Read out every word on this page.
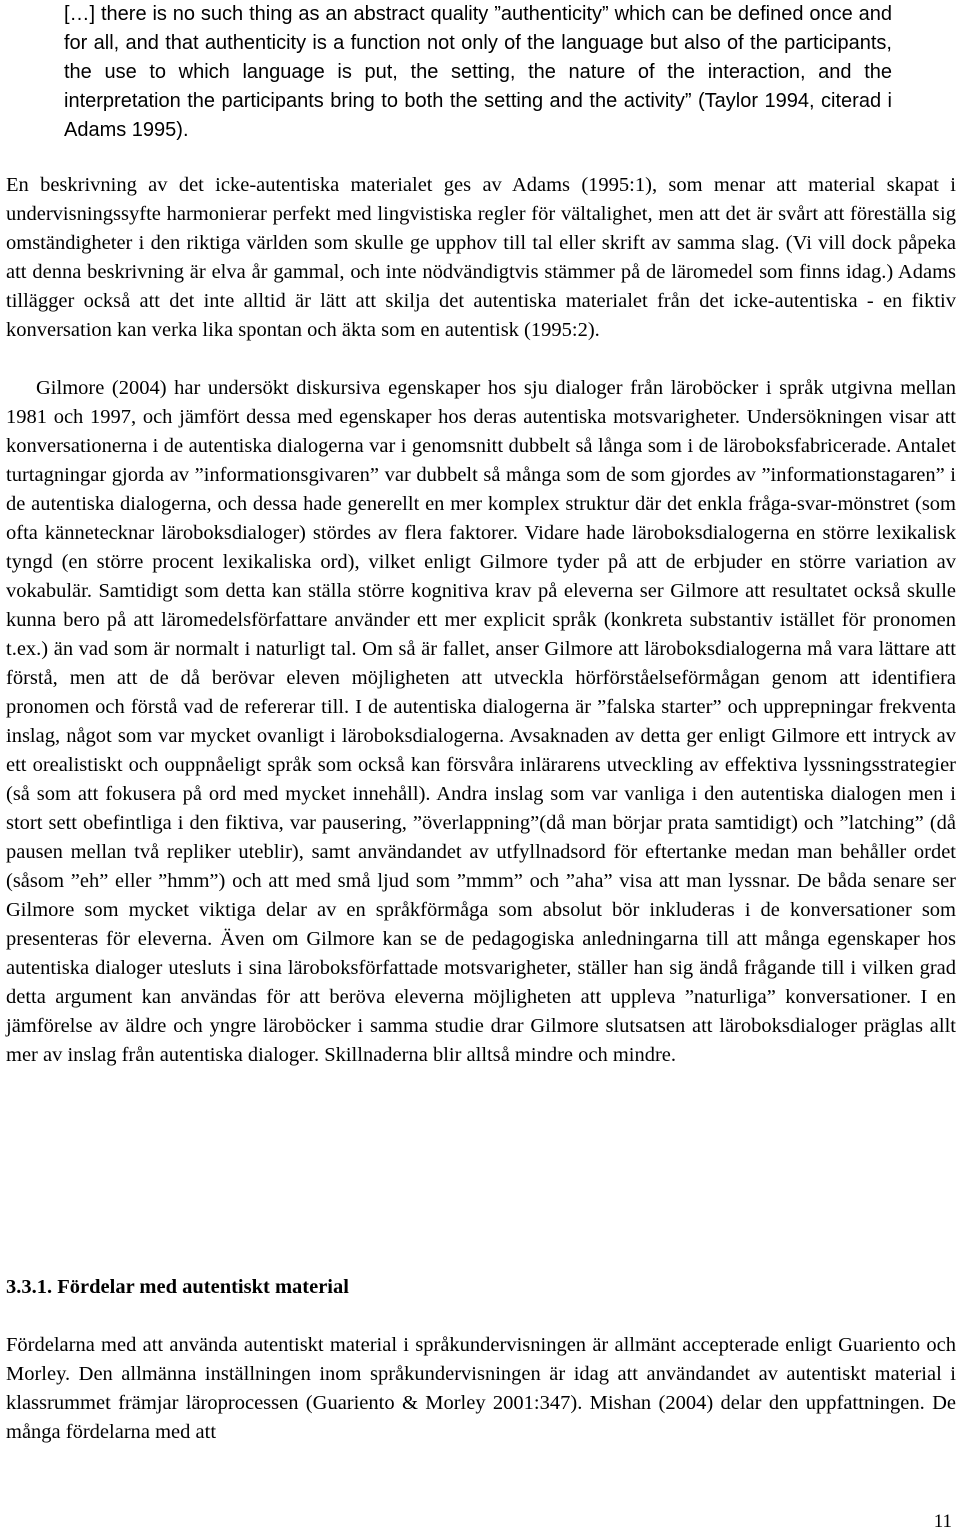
[…] there is no such thing as an abstract quality ”authenticity” which can be defined once and for all, and that authenticity is a function not only of the language but also of the participants, the use to which language is put, the setting, the nature of the interaction, and the interpretation the participants bring to both the setting and the activity” (Taylor 1994, citerad i Adams 1995).

En beskrivning av det icke-autentiska materialet ges av Adams (1995:1), som menar att material skapat i undervisningssyfte harmonierar perfekt med lingvistiska regler för vältalighet, men att det är svårt att föreställa sig omständigheter i den riktiga världen som skulle ge upphov till tal eller skrift av samma slag. (Vi vill dock påpeka att denna beskrivning är elva år gammal, och inte nödvändigtvis stämmer på de läromedel som finns idag.) Adams tillägger också att det inte alltid är lätt att skilja det autentiska materialet från det icke-autentiska - en fiktiv konversation kan verka lika spontan och äkta som en autentisk (1995:2).

Gilmore (2004) har undersökt diskursiva egenskaper hos sju dialoger från läroböcker i språk utgivna mellan 1981 och 1997, och jämfört dessa med egenskaper hos deras autentiska motsvarigheter. Undersökningen visar att konversationerna i de autentiska dialogerna var i genomsnitt dubbelt så långa som i de läroboksfabricerade. Antalet turtagningar gjorda av ”informationsgivaren” var dubbelt så många som de som gjordes av ”informationstagaren” i de autentiska dialogerna, och dessa hade generellt en mer komplex struktur där det enkla fråga-svar-mönstret (som ofta kännetecknar läroboksdialoger) stördes av flera faktorer. Vidare hade läroboksdialogerna en större lexikalisk tyngd (en större procent lexikaliska ord), vilket enligt Gilmore tyder på att de erbjuder en större variation av vokabulär. Samtidigt som detta kan ställa större kognitiva krav på eleverna ser Gilmore att resultatet också skulle kunna bero på att läromedelsförfattare använder ett mer explicit språk (konkreta substantiv istället för pronomen t.ex.) än vad som är normalt i naturligt tal. Om så är fallet, anser Gilmore att läroboksdialogerna må vara lättare att förstå, men att de då berövar eleven möjligheten att utveckla hörförståelseförmågan genom att identifiera pronomen och förstå vad de refererar till. I de autentiska dialogerna är ”falska starter” och upprepningar frekventa inslag, något som var mycket ovanligt i läroboksdialogerna. Avsaknaden av detta ger enligt Gilmore ett intryck av ett orealistiskt och ouppnåeligt språk som också kan försvåra inlärarens utveckling av effektiva lyssningsstrategier (så som att fokusera på ord med mycket innehåll). Andra inslag som var vanliga i den autentiska dialogen men i stort sett obefintliga i den fiktiva, var pausering, ”överlappning”(då man börjar prata samtidigt) och ”latching” (då pausen mellan två repliker uteblir), samt användandet av utfyllnadsord för eftertanke medan man behåller ordet (såsom ”eh” eller ”hmm”) och att med små ljud som ”mmm” och ”aha” visa att man lyssnar. De båda senare ser Gilmore som mycket viktiga delar av en språkförmåga som absolut bör inkluderas i de konversationer som presenteras för eleverna. Även om Gilmore kan se de pedagogiska anledningarna till att många egenskaper hos autentiska dialoger utesluts i sina läroboksförfattade motsvarigheter, ställer han sig ändå frågande till i vilken grad detta argument kan användas för att beröva eleverna möjligheten att uppleva ”naturliga” konversationer. I en jämförelse av äldre och yngre läroböcker i samma studie drar Gilmore slutsatsen att läroboksdialoger präglas allt mer av inslag från autentiska dialoger. Skillnaderna blir alltså mindre och mindre.

3.3.1. Fördelar med autentiskt material

Fördelarna med att använda autentiskt material i språkundervisningen är allmänt accepterade enligt Guariento och Morley. Den allmänna inställningen inom språkundervisningen är idag att användandet av autentiskt material i klassrummet främjar läroprocessen (Guariento & Morley 2001:347). Mishan (2004) delar den uppfattningen. De många fördelarna med att

11
